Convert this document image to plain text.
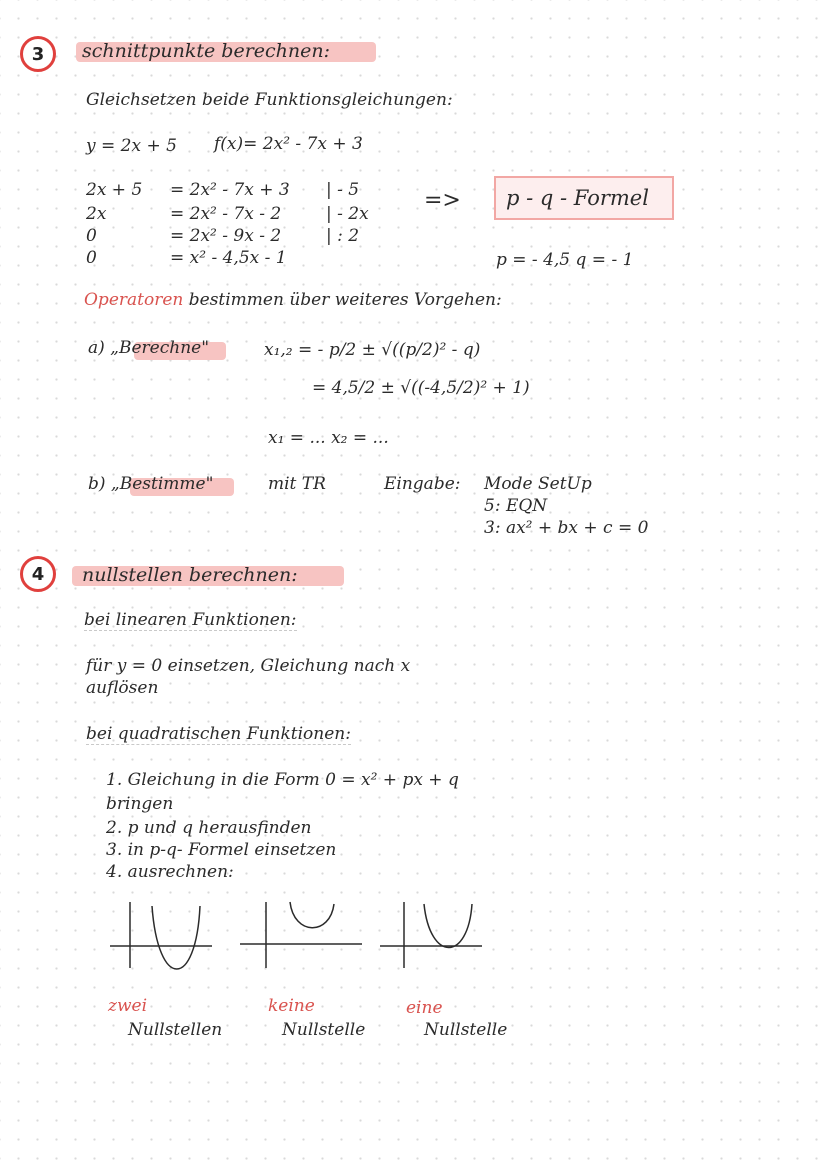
3	schnittpunkte berechnen:
Gleichsetzen beide Funktionsgleichungen:
y = 2x + 5 f(x)= 2x² - 7x + 3
2x + 5 = 2x² - 7x + 3 | - 5
2x	= 2x² - 7x - 2	| - 2x
0	= 2x² - 9x - 2	| : 2
0	= x² - 4,5x - 1
=>	p - q - Formel
p = - 4,5 q = - 1
Operatoren bestimmen über weiteres Vorgehen:
a) „Berechne"	x₁,₂ = - p/2 ± √((p/2)² - q)
= 4,5/2 ± √((-4,5/2)² + 1)
x₁ = ... x₂ = ...
b) „Bestimme"	mit TR	Eingabe: Mode SetUp
5: EQN
3: ax² + bx + c = 0
4	nullstellen berechnen:
bei linearen Funktionen:
für y = 0 einsetzen, Gleichung nach x
auflösen
bei quadratischen Funktionen:
1. Gleichung in die Form 0 = x² + px + q
bringen
2. p und q herausfinden
3. in p-q- Formel einsetzen
4. ausrechnen:
zwei
Nullstellen
keine
Nullstelle
eine
Nullstelle
